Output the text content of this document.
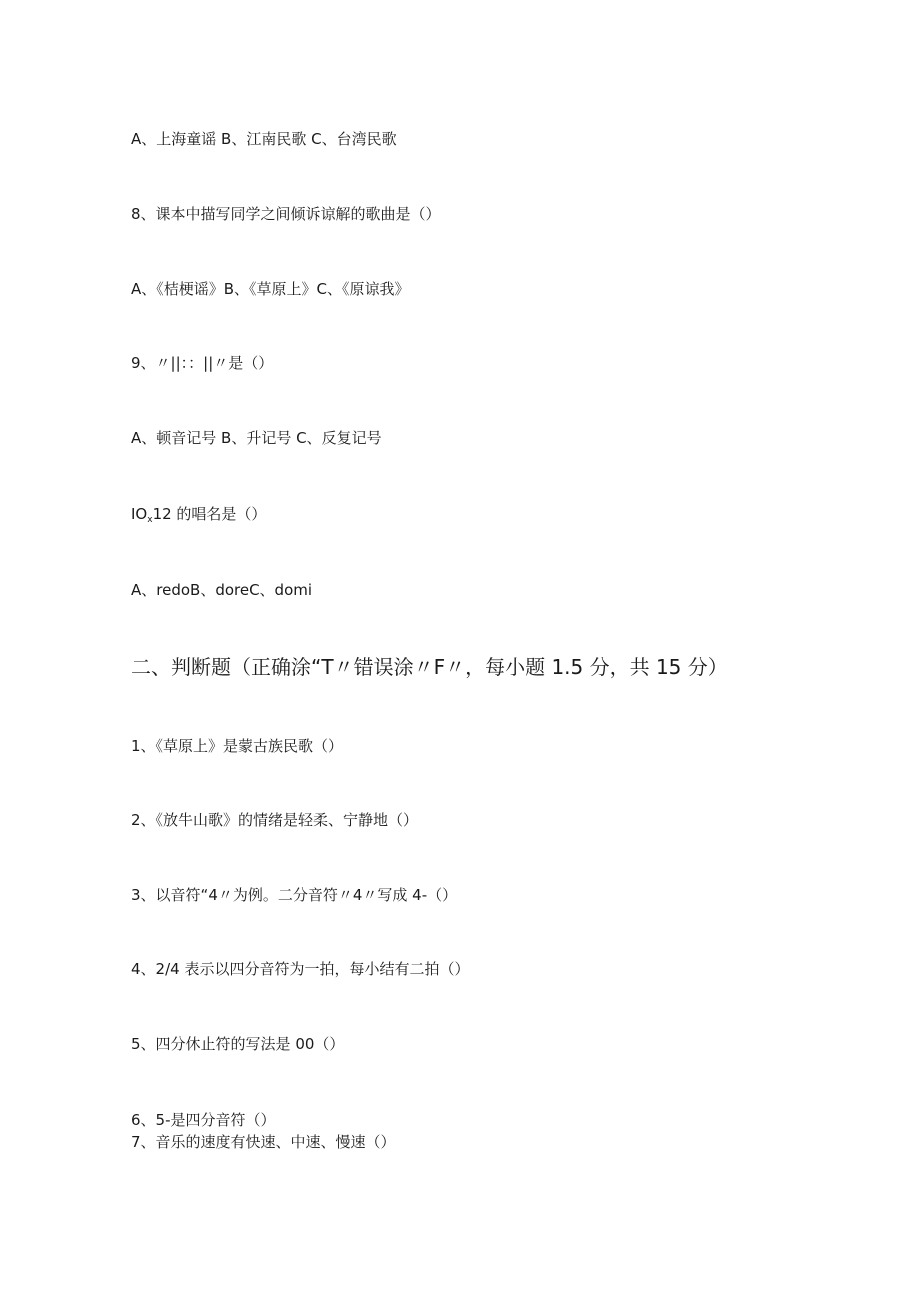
A、上海童谣 B、江南民歌 C、台湾民歌
8、课本中描写同学之间倾诉谅解的歌曲是（）
A、《桔梗谣》B、《草原上》C、《原谅我》
9、〃||：：||〃是（）
A、顿音记号 B、升记号 C、反复记号
$IO_x12$ 的唱名是（）
A、redoB、doreC、domi
二、判断题（正确涂“T〃错误涂〃F〃，每小题 1.5 分，共 15 分）
1、《草原上》是蒙古族民歌（）
2、《放牛山歌》的情绪是轻柔、宁静地（）
3、以音符“4〃为例。二分音符〃4〃写成 4-（）
4、2/4 表示以四分音符为一拍，每小结有二拍（）
5、四分休止符的写法是 00（）
6、5-是四分音符（）
7、音乐的速度有快速、中速、慢速（）
